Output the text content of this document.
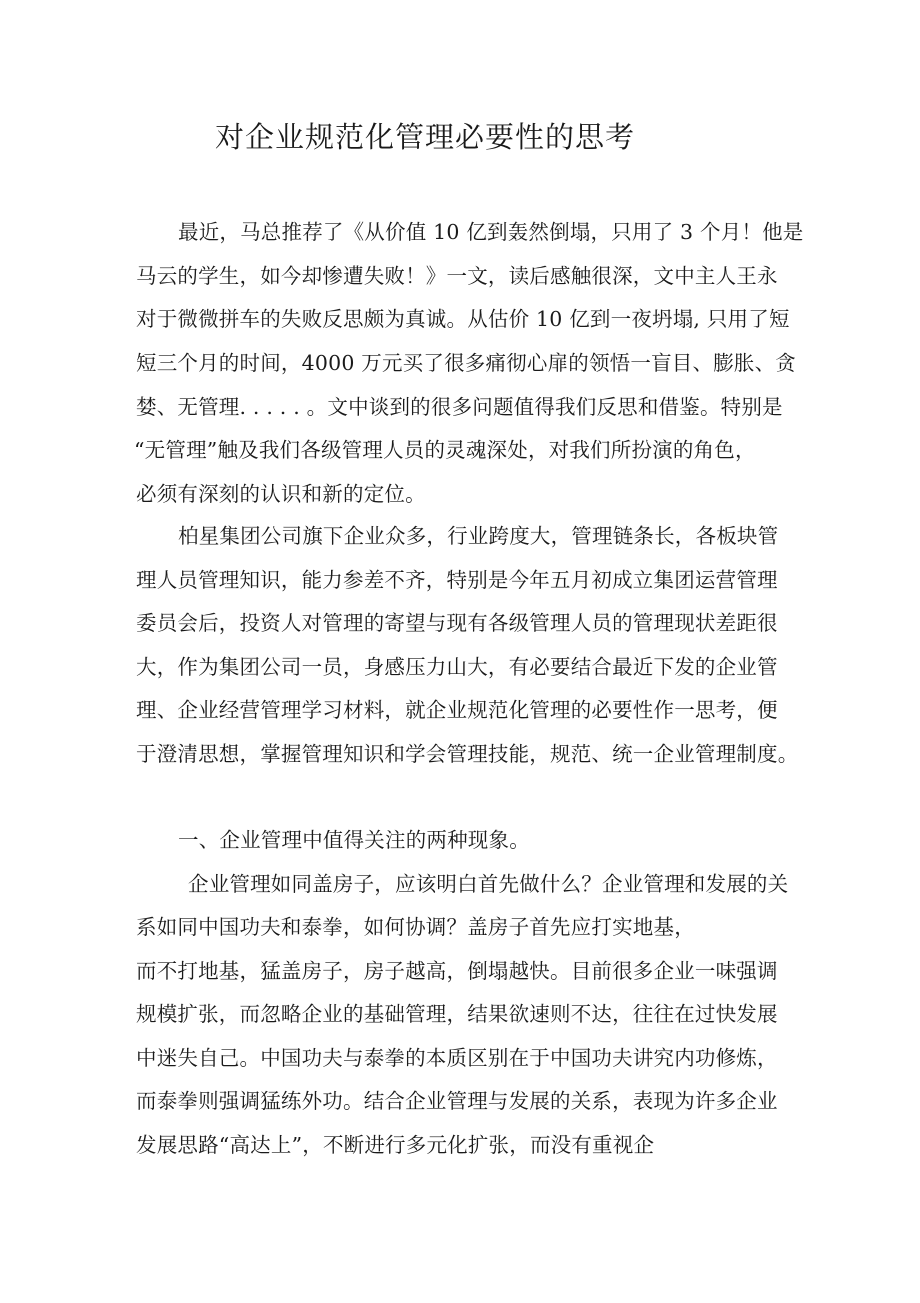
对企业规范化管理必要性的思考
最近，马总推荐了《从价值 10 亿到轰然倒塌，只用了 3 个月！他是
马云的学生，如今却惨遭失败！》一文，读后感触很深，文中主人王永
对于微微拼车的失败反思颇为真诚。从估价 10 亿到一夜坍塌, 只用了短
短三个月的时间，4000 万元买了很多痛彻心扉的领悟一盲目、膨胀、贪
婪、无管理. . . . . 。文中谈到的很多问题值得我们反思和借鉴。特别是
“无管理”触及我们各级管理人员的灵魂深处，对我们所扮演的角色，
必须有深刻的认识和新的定位。
柏星集团公司旗下企业众多，行业跨度大，管理链条长，各板块管
理人员管理知识，能力参差不齐，特别是今年五月初成立集团运营管理
委员会后，投资人对管理的寄望与现有各级管理人员的管理现状差距很
大，作为集团公司一员，身感压力山大，有必要结合最近下发的企业管
理、企业经营管理学习材料，就企业规范化管理的必要性作一思考，便
于澄清思想，掌握管理知识和学会管理技能，规范、统一企业管理制度。
一、企业管理中值得关注的两种现象。
企业管理如同盖房子，应该明白首先做什么？企业管理和发展的关
系如同中国功夫和泰拳，如何协调？盖房子首先应打实地基，
而不打地基，猛盖房子，房子越高，倒塌越快。目前很多企业一味强调
规模扩张，而忽略企业的基础管理，结果欲速则不达，往往在过快发展
中迷失自己。中国功夫与泰拳的本质区别在于中国功夫讲究内功修炼，
而泰拳则强调猛练外功。结合企业管理与发展的关系，表现为许多企业
发展思路“高达上”，不断进行多元化扩张，而没有重视企
